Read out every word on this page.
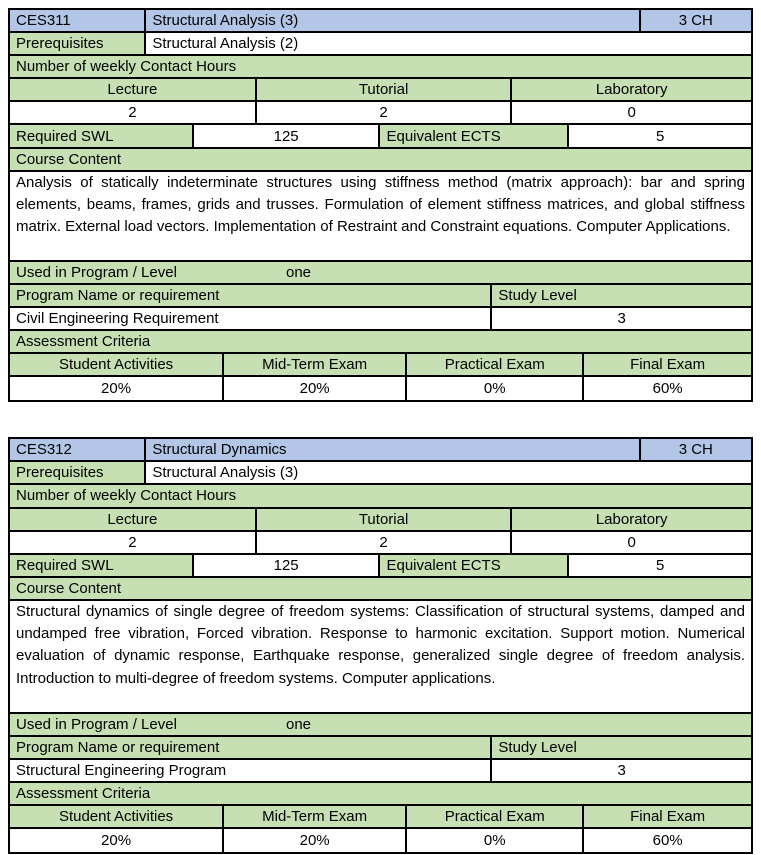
CES311	Structural Analysis (3)	3 CH
Prerequisites	Structural Analysis (2)
Number of weekly Contact Hours
Lecture	Tutorial	Laboratory
2	2	0
Required SWL	125	Equivalent ECTS	5
Course Content
Analysis of statically indeterminate structures using stiffness method (matrix approach): bar and spring elements, beams, frames, grids and trusses. Formulation of element stiffness matrices, and global stiffness matrix. External load vectors. Implementation of Restraint and Constraint equations. Computer Applications.
Used in Program / Level	one
Program Name or requirement	Study Level
Civil Engineering Requirement	3
Assessment Criteria
Student Activities	Mid-Term Exam	Practical Exam	Final Exam
20%	20%	0%	60%
CES312	Structural Dynamics	3 CH
Prerequisites	Structural Analysis (3)
Number of weekly Contact Hours
Lecture	Tutorial	Laboratory
2	2	0
Required SWL	125	Equivalent ECTS	5
Course Content
Structural dynamics of single degree of freedom systems: Classification of structural systems, damped and undamped free vibration, Forced vibration. Response to harmonic excitation. Support motion. Numerical evaluation of dynamic response, Earthquake response, generalized single degree of freedom analysis. Introduction to multi-degree of freedom systems. Computer applications.
Used in Program / Level	one
Program Name or requirement	Study Level
Structural Engineering Program	3
Assessment Criteria
Student Activities	Mid-Term Exam	Practical Exam	Final Exam
20%	20%	0%	60%
